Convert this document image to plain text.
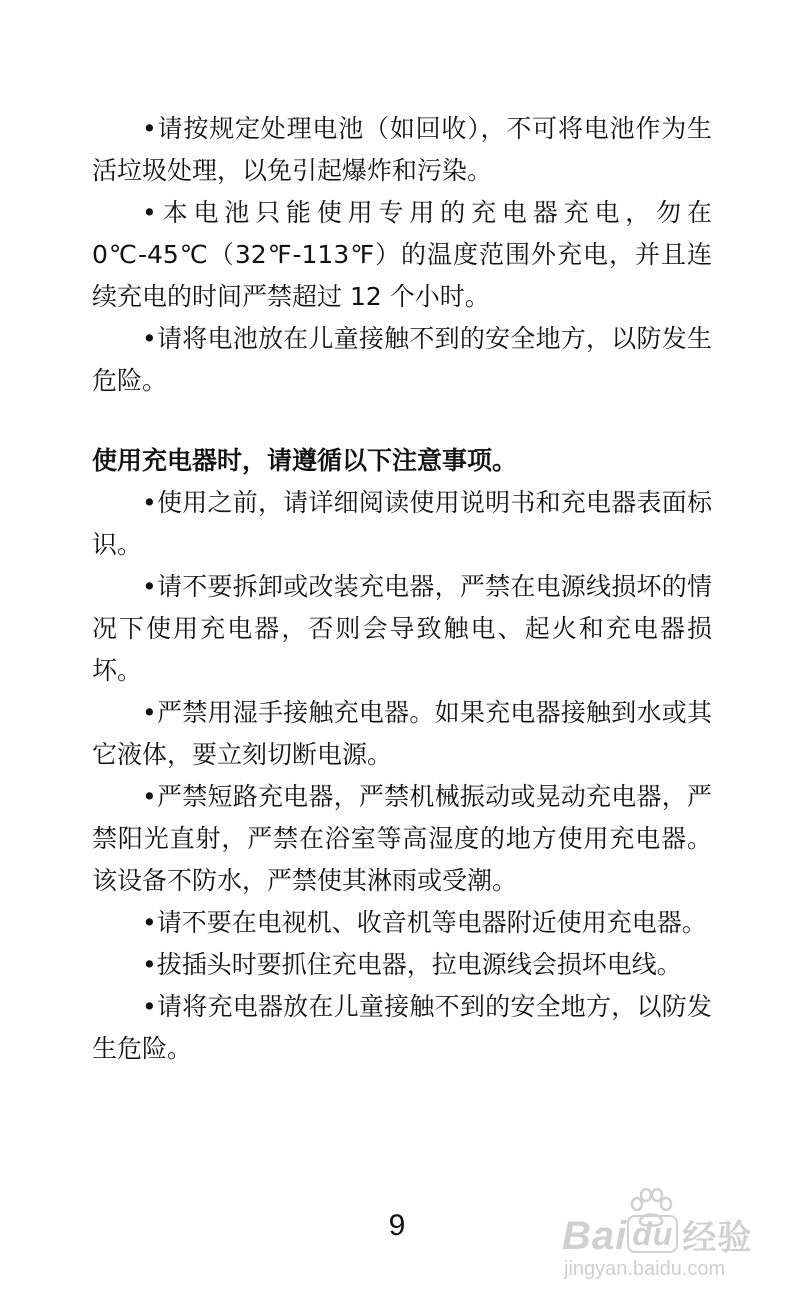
•请按规定处理电池（如回收），不可将电池作为生活垃圾处理，以免引起爆炸和污染。

•本电池只能使用专用的充电器充电，勿在 0℃-45℃（32℉-113℉）的温度范围外充电，并且连续充电的时间严禁超过 12 个小时。

•请将电池放在儿童接触不到的安全地方，以防发生危险。

使用充电器时，请遵循以下注意事项。

•使用之前，请详细阅读使用说明书和充电器表面标识。

•请不要拆卸或改装充电器，严禁在电源线损坏的情况下使用充电器，否则会导致触电、起火和充电器损坏。

•严禁用湿手接触充电器。如果充电器接触到水或其它液体，要立刻切断电源。

•严禁短路充电器，严禁机械振动或晃动充电器，严禁阳光直射，严禁在浴室等高湿度的地方使用充电器。该设备不防水，严禁使其淋雨或受潮。

•请不要在电视机、收音机等电器附近使用充电器。

•拔插头时要抓住充电器，拉电源线会损坏电线。

•请将充电器放在儿童接触不到的安全地方，以防发生危险。

9	Bai du 经验
jingyan.baidu.com
